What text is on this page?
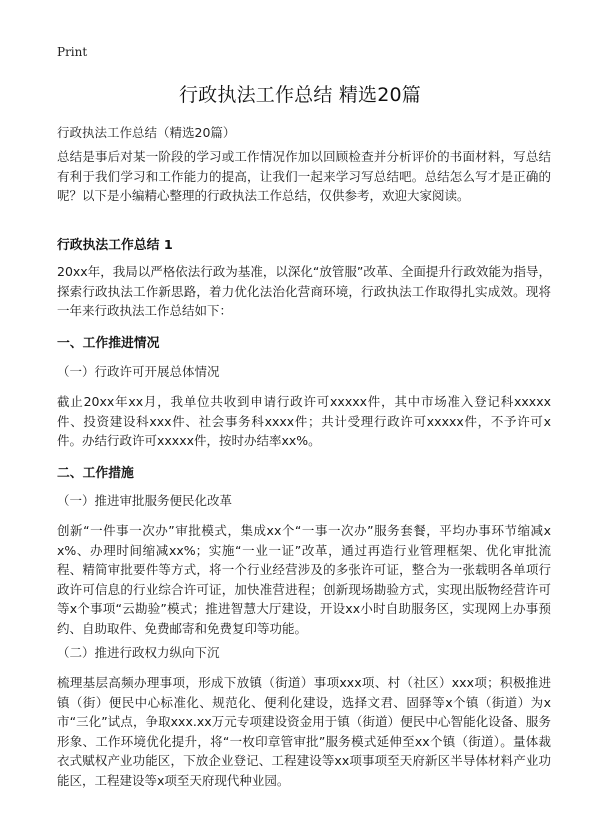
Print
行政执法工作总结 精选20篇
行政执法工作总结（精选20篇）
总结是事后对某一阶段的学习或工作情况作加以回顾检查并分析评价的书面材料，写总结有利于我们学习和工作能力的提高，让我们一起来学习写总结吧。总结怎么写才是正确的呢？以下是小编精心整理的行政执法工作总结，仅供参考，欢迎大家阅读。
行政执法工作总结 1
20xx年，我局以严格依法行政为基准，以深化“放管服”改革、全面提升行政效能为指导，探索行政执法工作新思路，着力优化法治化营商环境，行政执法工作取得扎实成效。现将一年来行政执法工作总结如下：
一、工作推进情况
（一）行政许可开展总体情况
截止20xx年xx月，我单位共收到申请行政许可xxxxx件，其中市场准入登记科xxxxx件、投资建设科xxx件、社会事务科xxxx件；共计受理行政许可xxxxx件，不予许可x件。办结行政许可xxxxx件，按时办结率xx%。
二、工作措施
（一）推进审批服务便民化改革
创新“一件事一次办”审批模式，集成xx个“一事一次办”服务套餐，平均办事环节缩减xx%、办理时间缩减xx%；实施“一业一证”改革，通过再造行业管理框架、优化审批流程、精简审批要件等方式，将一个行业经营涉及的多张许可证，整合为一张载明各单项行政许可信息的行业综合许可证，加快准营进程；创新现场勘验方式，实现出版物经营许可等x个事项“云勘验”模式；推进智慧大厅建设，开设xx小时自助服务区，实现网上办事预约、自助取件、免费邮寄和免费复印等功能。
（二）推进行政权力纵向下沉
梳理基层高频办理事项，形成下放镇（街道）事项xxx项、村（社区）xxx项；积极推进镇（街）便民中心标准化、规范化、便利化建设，选择文君、固驿等x个镇（街道）为x市“三化”试点，争取xxx.xx万元专项建设资金用于镇（街道）便民中心智能化设备、服务形象、工作环境优化提升，将“一枚印章管审批”服务模式延伸至xx个镇（街道）。量体裁衣式赋权产业功能区，下放企业登记、工程建设等xx项事项至天府新区半导体材料产业功能区，工程建设等x项至天府现代种业园。
